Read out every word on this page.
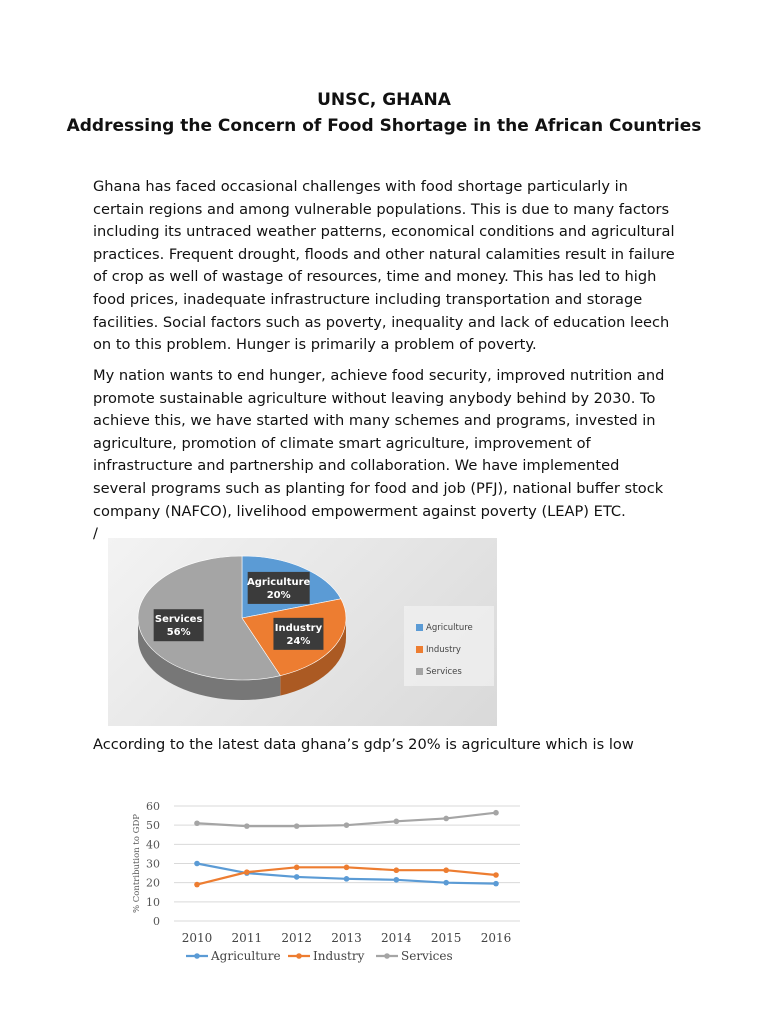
UNSC, GHANA
Addressing the Concern of Food Shortage in the African Countries
Ghana has faced occasional challenges with food shortage particularly in
certain regions and among vulnerable populations. This is due to many factors
including its untraced weather patterns, economical conditions and agricultural
practices. Frequent drought, floods and other natural calamities result in failure
of crop as well of wastage of resources, time and money. This has led to high
food prices, inadequate infrastructure including transportation and storage
facilities. Social factors such as poverty, inequality and lack of education leech
on to this problem. Hunger is primarily a problem of poverty.
My nation wants to end hunger, achieve food security, improved nutrition and
promote sustainable agriculture without leaving anybody behind by 2030. To
achieve this, we have started with many schemes and programs, invested in
agriculture, promotion of climate smart agriculture, improvement of
infrastructure and partnership and collaboration. We have implemented
several programs such as planting for food and job (PFJ), national buffer stock
company (NAFCO), livelihood empowerment against poverty (LEAP) ETC.
/
Agriculture
20%
Industry
24%
Services
56%	Agriculture
Industry
Services
According to the latest data ghana’s gdp’s 20% is agriculture which is low
0
10
20
30
40
50
60
% Contribution to GDP
2010 2011 2012 2013 2014 2015 2016
Agriculture	Industry	Services
